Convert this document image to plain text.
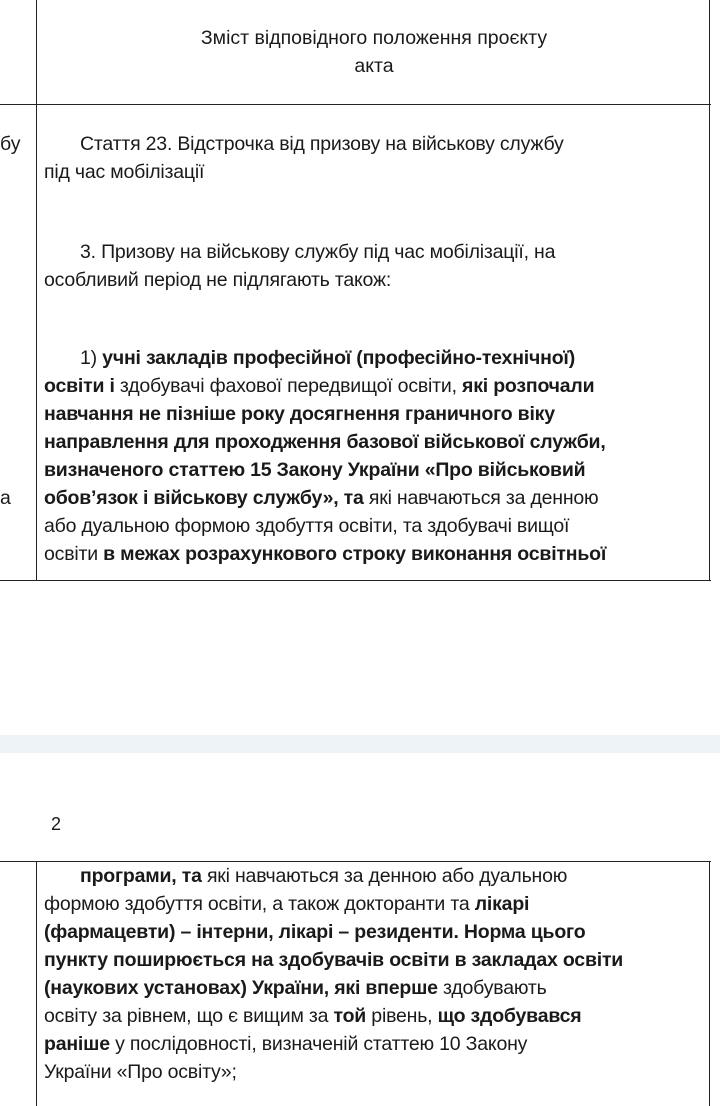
Зміст відповідного положення проєкту
акта
бу
а
Стаття 23. Відстрочка від призову на військову службу
під час мобілізації
3. Призову на військову службу під час мобілізації, на
особливий період не підлягають також:
1) учні закладів професійної (професійно-технічної)
освіти і здобувачі фахової передвищої освіти, які розпочали
навчання не пізніше року досягнення граничного віку
направлення для проходження базової військової служби,
визначеного статтею 15 Закону України «Про військовий
обов’язок і військову службу», та які навчаються за денною
або дуальною формою здобуття освіти, та здобувачі вищої
освіти в межах розрахункового строку виконання освітньої
програми, та які навчаються за денною або дуальною
формою здобуття освіти, а також докторанти та лікарі
(фармацевти) – інтерни, лікарі – резиденти. Норма цього
пункту поширюється на здобувачів освіти в закладах освіти
(наукових установах) України, які вперше здобувають
освіту за рівнем, що є вищим за той рівень, що здобувався
раніше у послідовності, визначеній статтею 10 Закону
України «Про освіту»;
2
